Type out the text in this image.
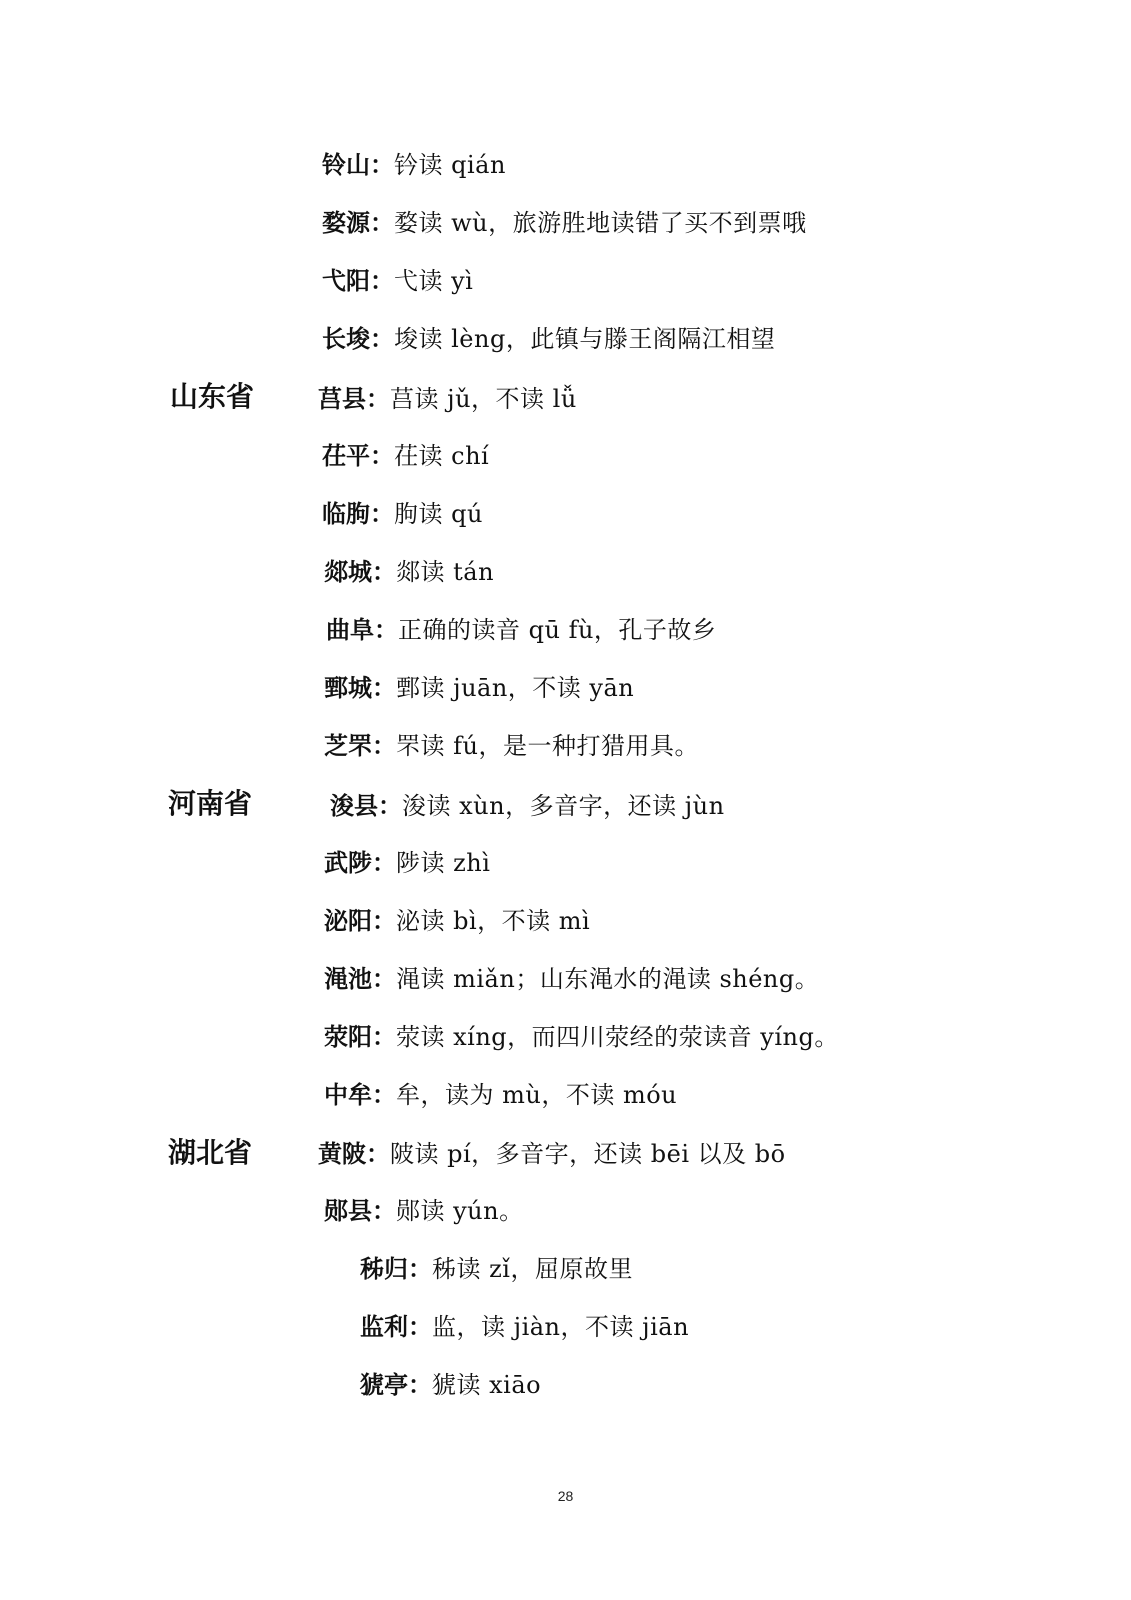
铃山：钤读 qián
婺源：婺读 wù，旅游胜地读错了买不到票哦
弋阳：弋读 yì
长埈：埈读 lèng，此镇与滕王阁隔江相望
山东省	莒县：莒读 jǔ，不读 lǚ
茌平：茌读 chí
临朐：朐读 qú
郯城：郯读 tán
曲阜：正确的读音 qū fù，孔子故乡
鄄城：鄄读 juān，不读 yān
芝罘：罘读 fú，是一种打猎用具。
河南省	浚县：浚读 xùn，多音字，还读 jùn
武陟：陟读 zhì
泌阳：泌读 bì，不读 mì
渑池：渑读 miǎn；山东渑水的渑读 shéng。
荥阳：荥读 xíng，而四川荥经的荥读音 yíng。
中牟：牟，读为 mù，不读 móu
湖北省	黄陂：陂读 pí，多音字，还读 bēi 以及 bō
郧县：郧读 yún。
秭归：秭读 zǐ，屈原故里
监利：监，读 jiàn，不读 jiān
猇亭：猇读 xiāo
28
